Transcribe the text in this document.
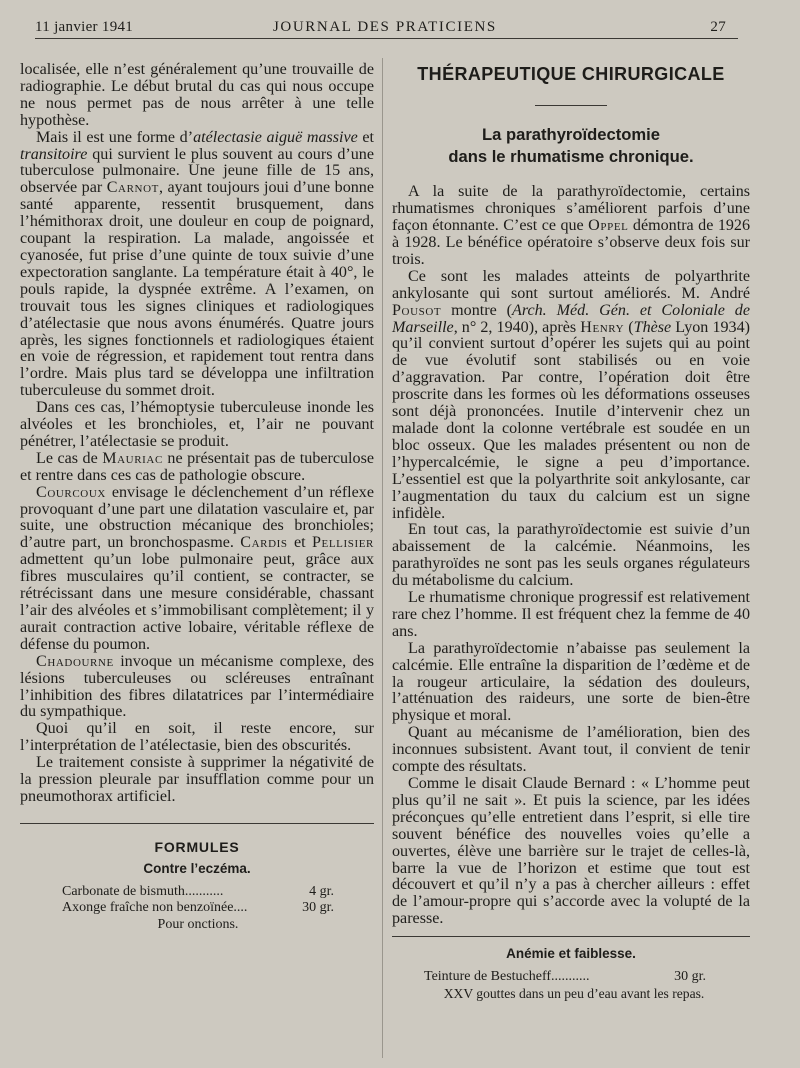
11 janvier 1941	JOURNAL DES PRATICIENS	27

localisée, elle n’est généralement qu’une trouvaille de radiographie. Le début brutal du cas qui nous occupe ne nous permet pas de nous arrêter à une telle hypothèse.

Mais il est une forme d’atélectasie aiguë massive et transitoire qui survient le plus souvent au cours d’une tuberculose pulmonaire. Une jeune fille de 15 ans, observée par Carnot, ayant toujours joui d’une bonne santé apparente, ressentit brusquement, dans l’hémithorax droit, une douleur en coup de poignard, coupant la respiration. La malade, angoissée et cyanosée, fut prise d’une quinte de toux suivie d’une expectoration sanglante. La température était à 40°, le pouls rapide, la dyspnée extrême. A l’examen, on trouvait tous les signes cliniques et radiologiques d’atélectasie que nous avons énumérés. Quatre jours après, les signes fonctionnels et radiologiques étaient en voie de régression, et rapidement tout rentra dans l’ordre. Mais plus tard se développa une infiltration tuberculeuse du sommet droit.

Dans ces cas, l’hémoptysie tuberculeuse inonde les alvéoles et les bronchioles, et, l’air ne pouvant pénétrer, l’atélectasie se produit.

Le cas de Mauriac ne présentait pas de tuberculose et rentre dans ces cas de pathologie obscure.

Courcoux envisage le déclenchement d’un réflexe provoquant d’une part une dilatation vasculaire et, par suite, une obstruction mécanique des bronchioles; d’autre part, un bronchospasme. Cardis et Pellisier admettent qu’un lobe pulmonaire peut, grâce aux fibres musculaires qu’il contient, se contracter, se rétrécissant dans une mesure considérable, chassant l’air des alvéoles et s’immobilisant complètement; il y aurait contraction active lobaire, véritable réflexe de défense du poumon.

Chadourne invoque un mécanisme complexe, des lésions tuberculeuses ou scléreuses entraînant l’inhibition des fibres dilatatrices par l’intermédiaire du sympathique.

Quoi qu’il en soit, il reste encore, sur l’interprétation de l’atélectasie, bien des obscurités.

Le traitement consiste à supprimer la négativité de la pression pleurale par insufflation comme pour un pneumothorax artificiel.

FORMULES
Contre l’eczéma.
Carbonate de bismuth...........	4 gr.
Axonge fraîche non benzoïnée....	30 gr.
Pour onctions.
THÉRAPEUTIQUE CHIRURGICALE
La parathyroïdectomie
dans le rhumatisme chronique.

A la suite de la parathyroïdectomie, certains rhumatismes chroniques s’améliorent parfois d’une façon étonnante. C’est ce que Oppel démontra de 1926 à 1928. Le bénéfice opératoire s’observe deux fois sur trois.

Ce sont les malades atteints de polyarthrite ankylosante qui sont surtout améliorés. M. André Pousot montre (Arch. Méd. Gén. et Coloniale de Marseille, n° 2, 1940), après Henry (Thèse Lyon 1934) qu’il convient surtout d’opérer les sujets qui au point de vue évolutif sont stabilisés ou en voie d’aggravation. Par contre, l’opération doit être proscrite dans les formes où les déformations osseuses sont déjà prononcées. Inutile d’intervenir chez un malade dont la colonne vertébrale est soudée en un bloc osseux. Que les malades présentent ou non de l’hypercalcémie, le signe a peu d’importance. L’essentiel est que la polyarthrite soit ankylosante, car l’augmentation du taux du calcium est un signe infidèle.

En tout cas, la parathyroïdectomie est suivie d’un abaissement de la calcémie. Néanmoins, les parathyroïdes ne sont pas les seuls organes régulateurs du métabolisme du calcium.

Le rhumatisme chronique progressif est relativement rare chez l’homme. Il est fréquent chez la femme de 40 ans.

La parathyroïdectomie n’abaisse pas seulement la calcémie. Elle entraîne la disparition de l’œdème et de la rougeur articulaire, la sédation des douleurs, l’atténuation des raideurs, une sorte de bien-être physique et moral.

Quant au mécanisme de l’amélioration, bien des inconnues subsistent. Avant tout, il convient de tenir compte des résultats.

Comme le disait Claude Bernard : « L’homme peut plus qu’il ne sait ». Et puis la science, par les idées préconçues qu’elle entretient dans l’esprit, si elle tire souvent bénéfice des nouvelles voies qu’elle a ouvertes, élève une barrière sur le trajet de celles-là, barre la vue de l’horizon et estime que tout est découvert et qu’il n’y a pas à chercher ailleurs : effet de l’amour-propre qui s’accorde avec la volupté de la paresse.

Anémie et faiblesse.
Teinture de Bestucheff...........	30 gr.
XXV gouttes dans un peu d’eau avant les repas.
